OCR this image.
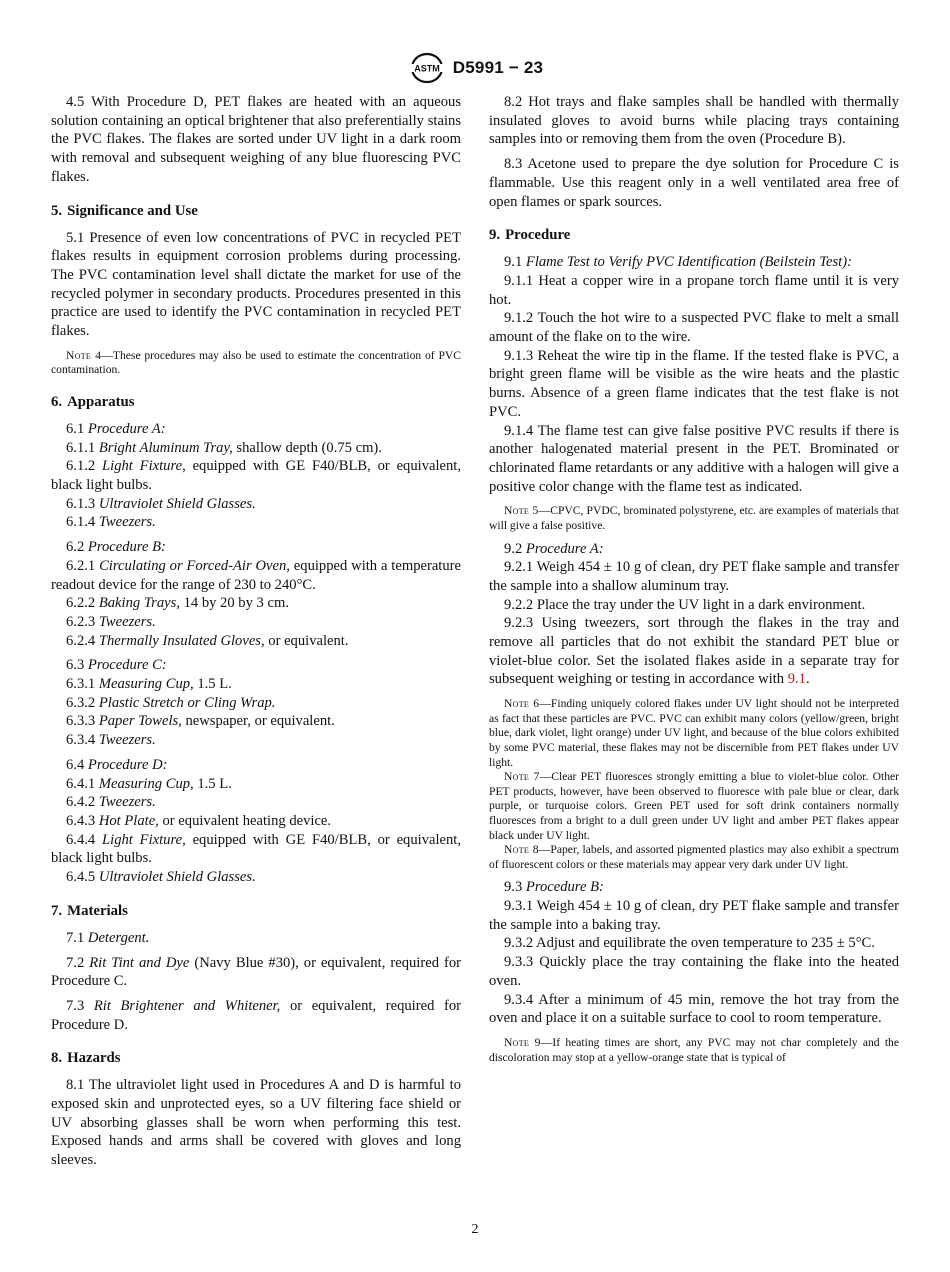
ASTM D5991 − 23

4.5 With Procedure D, PET flakes are heated with an aqueous solution containing an optical brightener that also preferentially stains the PVC flakes. The flakes are sorted under UV light in a dark room with removal and subsequent weighing of any blue fluorescing PVC flakes.

5. Significance and Use

5.1 Presence of even low concentrations of PVC in recycled PET flakes results in equipment corrosion problems during processing. The PVC contamination level shall dictate the market for use of the recycled polymer in secondary products. Procedures presented in this practice are used to identify the PVC contamination in recycled PET flakes.

Note 4—These procedures may also be used to estimate the concentration of PVC contamination.
6. Apparatus

6.1 Procedure A:

6.1.1 Bright Aluminum Tray, shallow depth (0.75 cm).

6.1.2 Light Fixture, equipped with GE F40/BLB, or equivalent, black light bulbs.

6.1.3 Ultraviolet Shield Glasses.

6.1.4 Tweezers.

6.2 Procedure B:

6.2.1 Circulating or Forced-Air Oven, equipped with a temperature readout device for the range of 230 to 240°C.

6.2.2 Baking Trays, 14 by 20 by 3 cm.

6.2.3 Tweezers.

6.2.4 Thermally Insulated Gloves, or equivalent.

6.3 Procedure C:

6.3.1 Measuring Cup, 1.5 L.

6.3.2 Plastic Stretch or Cling Wrap.

6.3.3 Paper Towels, newspaper, or equivalent.

6.3.4 Tweezers.

6.4 Procedure D:

6.4.1 Measuring Cup, 1.5 L.

6.4.2 Tweezers.

6.4.3 Hot Plate, or equivalent heating device.

6.4.4 Light Fixture, equipped with GE F40/BLB, or equivalent, black light bulbs.

6.4.5 Ultraviolet Shield Glasses.

7. Materials

7.1 Detergent.

7.2 Rit Tint and Dye (Navy Blue #30), or equivalent, required for Procedure C.

7.3 Rit Brightener and Whitener, or equivalent, required for Procedure D.

8. Hazards

8.1 The ultraviolet light used in Procedures A and D is harmful to exposed skin and unprotected eyes, so a UV filtering face shield or UV absorbing glasses shall be worn when performing this test. Exposed hands and arms shall be covered with gloves and long sleeves.

8.2 Hot trays and flake samples shall be handled with thermally insulated gloves to avoid burns while placing trays containing samples into or removing them from the oven (Procedure B).

8.3 Acetone used to prepare the dye solution for Procedure C is flammable. Use this reagent only in a well ventilated area free of open flames or spark sources.

9. Procedure

9.1 Flame Test to Verify PVC Identification (Beilstein Test):

9.1.1 Heat a copper wire in a propane torch flame until it is very hot.

9.1.2 Touch the hot wire to a suspected PVC flake to melt a small amount of the flake on to the wire.

9.1.3 Reheat the wire tip in the flame. If the tested flake is PVC, a bright green flame will be visible as the wire heats and the plastic burns. Absence of a green flame indicates that the test flake is not PVC.

9.1.4 The flame test can give false positive PVC results if there is another halogenated material present in the PET. Brominated or chlorinated flame retardants or any additive with a halogen will give a positive color change with the flame test as indicated.

Note 5—CPVC, PVDC, brominated polystyrene, etc. are examples of materials that will give a false positive.

9.2 Procedure A:

9.2.1 Weigh 454 ± 10 g of clean, dry PET flake sample and transfer the sample into a shallow aluminum tray.

9.2.2 Place the tray under the UV light in a dark environment.

9.2.3 Using tweezers, sort through the flakes in the tray and remove all particles that do not exhibit the standard PET blue or violet-blue color. Set the isolated flakes aside in a separate tray for subsequent weighing or testing in accordance with 9.1.

Note 6—Finding uniquely colored flakes under UV light should not be interpreted as fact that these particles are PVC. PVC can exhibit many colors (yellow/green, bright blue, dark violet, light orange) under UV light, and because of the blue colors exhibited by some PVC material, these flakes may not be discernible from PET flakes under UV light.
Note 7—Clear PET fluoresces strongly emitting a blue to violet-blue color. Other PET products, however, have been observed to fluoresce with pale blue or clear, dark purple, or turquoise colors. Green PET used for soft drink containers normally fluoresces from a bright to a dull green under UV light and amber PET flakes appear black under UV light.
Note 8—Paper, labels, and assorted pigmented plastics may also exhibit a spectrum of fluorescent colors or these materials may appear very dark under UV light.

9.3 Procedure B:

9.3.1 Weigh 454 ± 10 g of clean, dry PET flake sample and transfer the sample into a baking tray.

9.3.2 Adjust and equilibrate the oven temperature to 235 ± 5°C.

9.3.3 Quickly place the tray containing the flake into the heated oven.

9.3.4 After a minimum of 45 min, remove the hot tray from the oven and place it on a suitable surface to cool to room temperature.

Note 9—If heating times are short, any PVC may not char completely and the discoloration may stop at a yellow-orange state that is typical of
2
